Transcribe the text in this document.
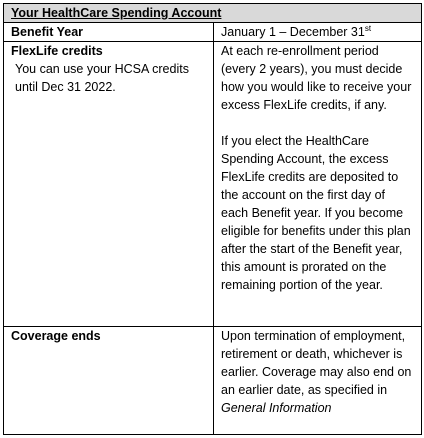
Your HealthCare Spending Account	
Benefit Year	January 1 – December 31st

FlexLife credits
You can use your HCSA credits until Dec 31 2022.	At each re-enrollment period (every 2 years), you must decide how you would like to receive your excess FlexLife credits, if any.
If you elect the HealthCare Spending Account, the excess FlexLife credits are deposited to the account on the first day of each Benefit year. If you become eligible for benefits under this plan after the start of the Benefit year, this amount is prorated on the remaining portion of the year.

Coverage ends	Upon termination of employment, retirement or death, whichever is earlier. Coverage may also end on an earlier date, as specified in General Information
